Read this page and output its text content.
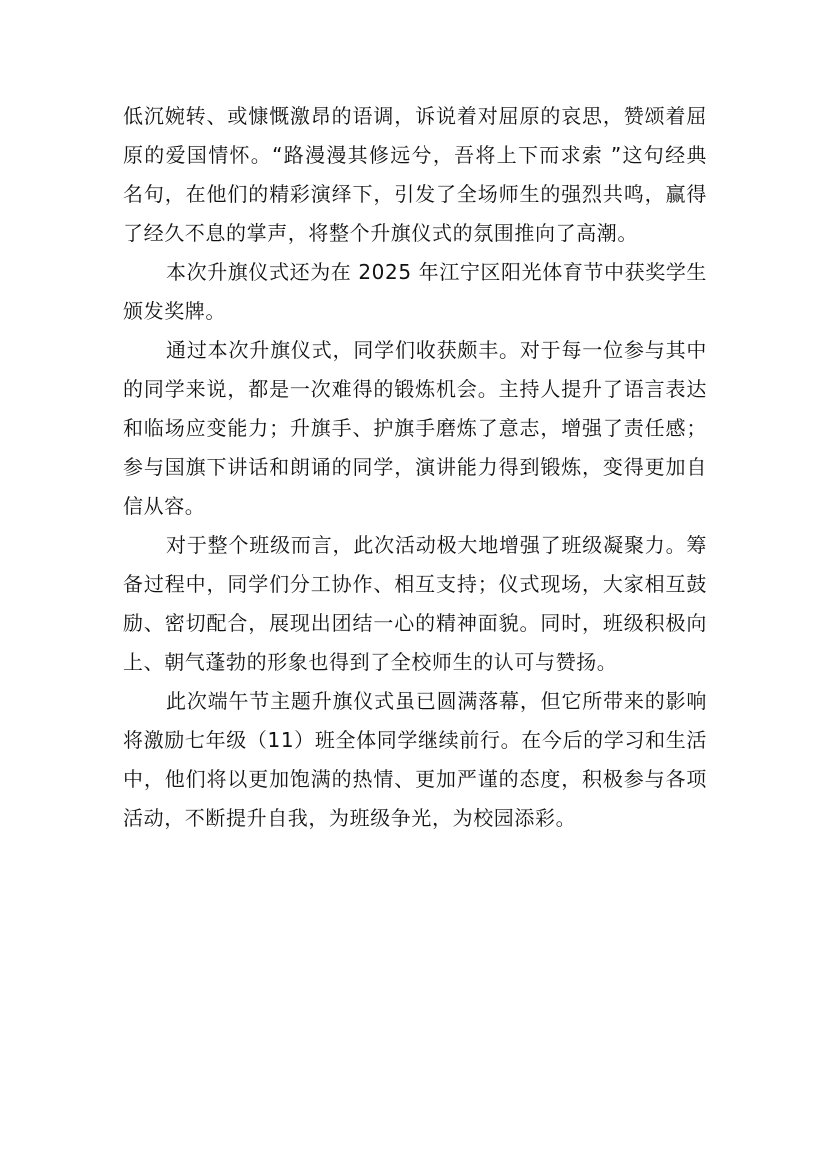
低沉婉转、或慷慨激昂的语调，诉说着对屈原的哀思，赞颂着屈原的爱国情怀。“路漫漫其修远兮，吾将上下而求索 ”这句经典名句，在他们的精彩演绎下，引发了全场师生的强烈共鸣，赢得了经久不息的掌声，将整个升旗仪式的氛围推向了高潮。

本次升旗仪式还为在 2025 年江宁区阳光体育节中获奖学生颁发奖牌。

通过本次升旗仪式，同学们收获颇丰。对于每一位参与其中的同学来说，都是一次难得的锻炼机会。主持人提升了语言表达和临场应变能力；升旗手、护旗手磨炼了意志，增强了责任感；参与国旗下讲话和朗诵的同学，演讲能力得到锻炼，变得更加自信从容。

对于整个班级而言，此次活动极大地增强了班级凝聚力。筹备过程中，同学们分工协作、相互支持；仪式现场，大家相互鼓励、密切配合，展现出团结一心的精神面貌。同时，班级积极向上、朝气蓬勃的形象也得到了全校师生的认可与赞扬。

此次端午节主题升旗仪式虽已圆满落幕，但它所带来的影响将激励七年级（11）班全体同学继续前行。在今后的学习和生活中，他们将以更加饱满的热情、更加严谨的态度，积极参与各项活动，不断提升自我，为班级争光，为校园添彩。
